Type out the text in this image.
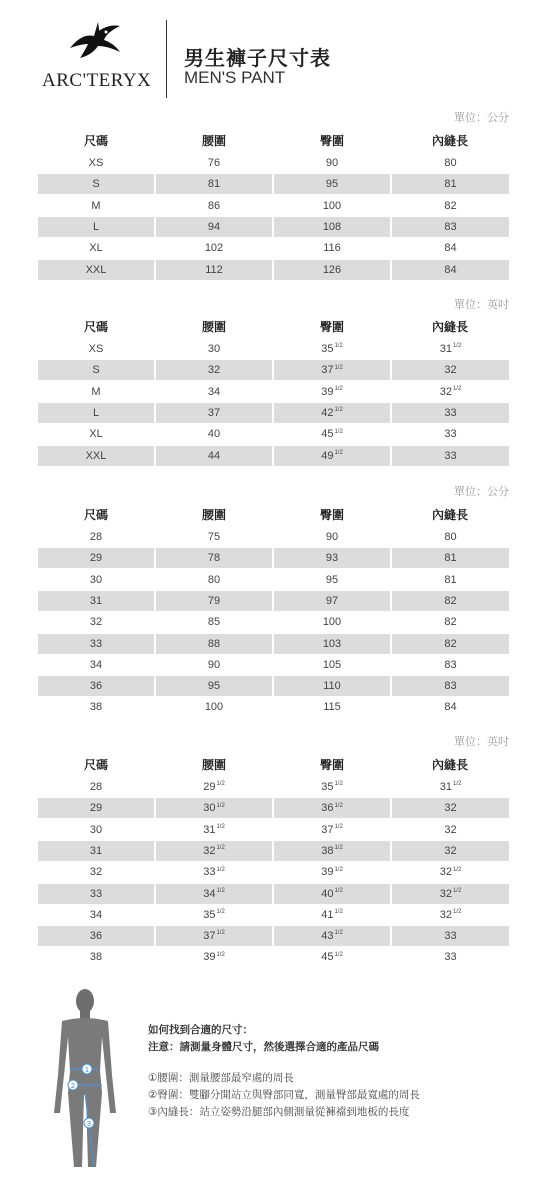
ARC'TERYX
男生褲子尺寸表
MEN'S PANT
單位：公分
尺碼	腰圍	臀圍	內縫長
XS	76	90	80
S	81	95	81
M	86	100	82
L	94	108	83
XL	102	116	84
XXL	112	126	84
單位：英吋
尺碼	腰圍	臀圍	內縫長
XS	30	$35^{1/2}$	$31^{1/2}$
S	32	$37^{1/2}$	32
M	34	$39^{1/2}$	$32^{1/2}$
L	37	$42^{1/2}$	33
XL	40	$45^{1/2}$	33
XXL	44	$49^{1/2}$	33
單位：公分
尺碼	腰圍	臀圍	內縫長
28	75	90	80
29	78	93	81
30	80	95	81
31	79	97	82
32	85	100	82
33	88	103	82
34	90	105	83
36	95	110	83
38	100	115	84
單位：英吋
尺碼	腰圍	臀圍	內縫長
28	$29^{1/2}$	$35^{1/2}$	$31^{1/2}$
29	$30^{1/2}$	$36^{1/2}$	32
30	$31^{1/2}$	$37^{1/2}$	32
31	$32^{1/2}$	$38^{1/2}$	32
32	$33^{1/2}$	$39^{1/2}$	$32^{1/2}$
33	$34^{1/2}$	$40^{1/2}$	$32^{1/2}$
34	$35^{1/2}$	$41^{1/2}$	$32^{1/2}$
36	$37^{1/2}$	$43^{1/2}$	33
38	$39^{1/2}$	$45^{1/2}$	33
1
2
3
如何找到合適的尺寸：
注意：請測量身體尺寸，然後選擇合適的產品尺碼
①腰圍：測量腰部最窄處的周長
②臀圍：雙腳分開站立與臀部同寬，測量臀部最寬處的周長
③內縫長：站立姿勢沿腿部內側測量從褲襠到地板的長度
